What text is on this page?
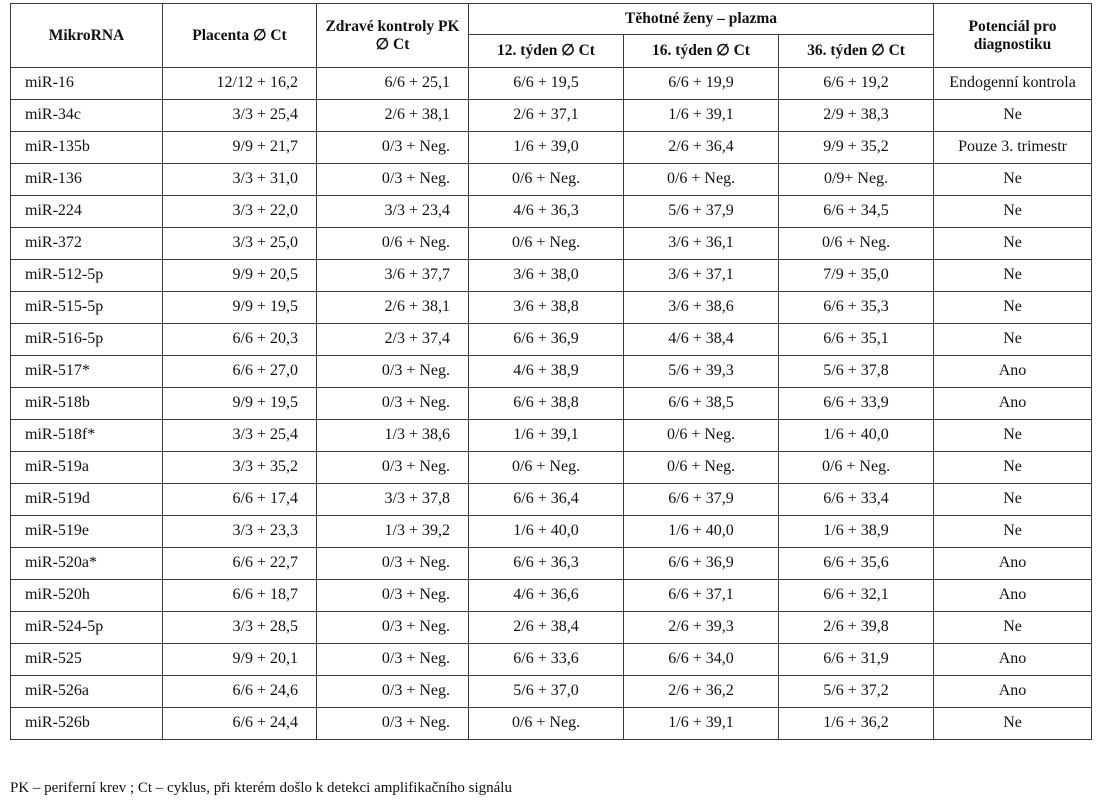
MikroRNA	Placenta ∅ Ct	Zdravé kontroly PK ∅ Ct	Těhotné ženy – plazma			Potenciál pro diagnostiku
			12. týden ∅ Ct	16. týden ∅ Ct	36. týden ∅ Ct	
miR-16	12/12 + 16,2	6/6 + 25,1	6/6 + 19,5	6/6 + 19,9	6/6 + 19,2	Endogenní kontrola
miR-34c	3/3 + 25,4	2/6 + 38,1	2/6 + 37,1	1/6 + 39,1	2/9 + 38,3	Ne
miR-135b	9/9 + 21,7	0/3 + Neg.	1/6 + 39,0	2/6 + 36,4	9/9 + 35,2	Pouze 3. trimestr
miR-136	3/3 + 31,0	0/3 + Neg.	0/6 + Neg.	0/6 + Neg.	0/9+ Neg.	Ne
miR-224	3/3 + 22,0	3/3 + 23,4	4/6 + 36,3	5/6 + 37,9	6/6 + 34,5	Ne
miR-372	3/3 + 25,0	0/6 + Neg.	0/6 + Neg.	3/6 + 36,1	0/6 + Neg.	Ne
miR-512-5p	9/9 + 20,5	3/6 + 37,7	3/6 + 38,0	3/6 + 37,1	7/9 + 35,0	Ne
miR-515-5p	9/9 + 19,5	2/6 + 38,1	3/6 + 38,8	3/6 + 38,6	6/6 + 35,3	Ne
miR-516-5p	6/6 + 20,3	2/3 + 37,4	6/6 + 36,9	4/6 + 38,4	6/6 + 35,1	Ne
miR-517*	6/6 + 27,0	0/3 + Neg.	4/6 + 38,9	5/6 + 39,3	5/6 + 37,8	Ano
miR-518b	9/9 + 19,5	0/3 + Neg.	6/6 + 38,8	6/6 + 38,5	6/6 + 33,9	Ano
miR-518f*	3/3 + 25,4	1/3 + 38,6	1/6 + 39,1	0/6 + Neg.	1/6 + 40,0	Ne
miR-519a	3/3 + 35,2	0/3 + Neg.	0/6 + Neg.	0/6 + Neg.	0/6 + Neg.	Ne
miR-519d	6/6 + 17,4	3/3 + 37,8	6/6 + 36,4	6/6 + 37,9	6/6 + 33,4	Ne
miR-519e	3/3 + 23,3	1/3 + 39,2	1/6 + 40,0	1/6 + 40,0	1/6 + 38,9	Ne
miR-520a*	6/6 + 22,7	0/3 + Neg.	6/6 + 36,3	6/6 + 36,9	6/6 + 35,6	Ano
miR-520h	6/6 + 18,7	0/3 + Neg.	4/6 + 36,6	6/6 + 37,1	6/6 + 32,1	Ano
miR-524-5p	3/3 + 28,5	0/3 + Neg.	2/6 + 38,4	2/6 + 39,3	2/6 + 39,8	Ne
miR-525	9/9 + 20,1	0/3 + Neg.	6/6 + 33,6	6/6 + 34,0	6/6 + 31,9	Ano
miR-526a	6/6 + 24,6	0/3 + Neg.	5/6 + 37,0	2/6 + 36,2	5/6 + 37,2	Ano
miR-526b	6/6 + 24,4	0/3 + Neg.	0/6 + Neg.	1/6 + 39,1	1/6 + 36,2	Ne
PK – periferní krev ; Ct – cyklus, při kterém došlo k detekci amplifikačního signálu
